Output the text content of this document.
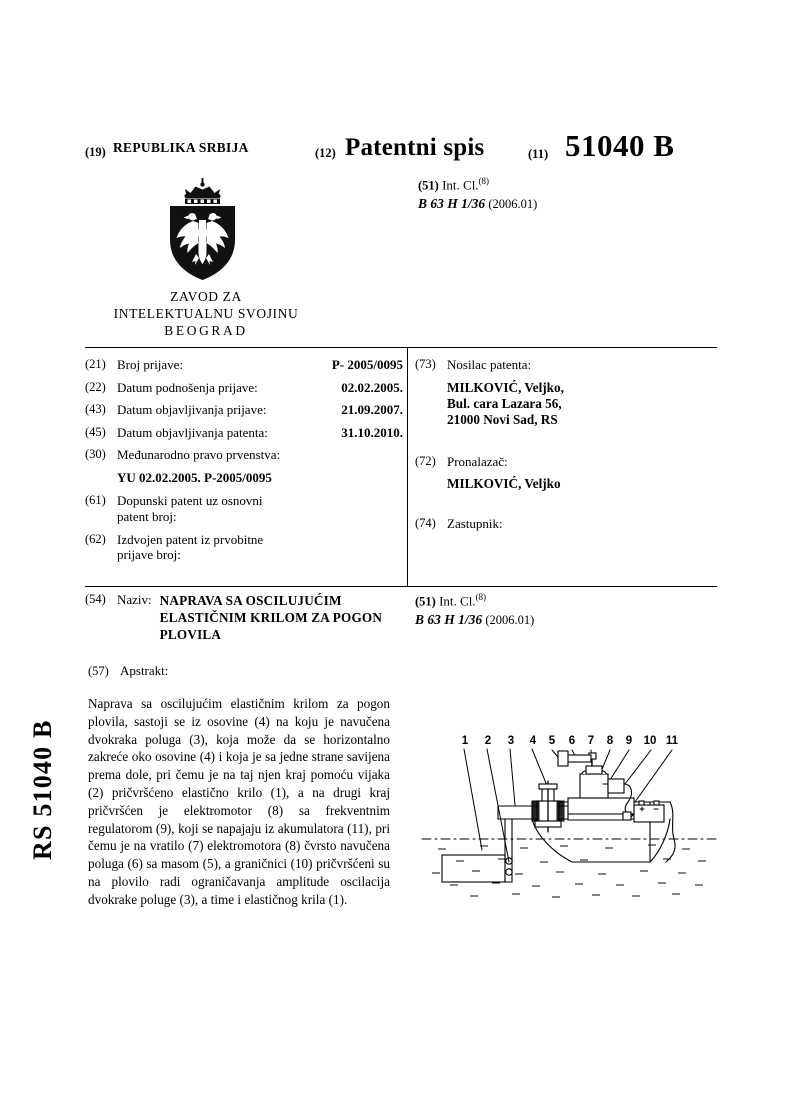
RS 51040 B
(19) REPUBLIKA SRBIJA	(12) Patentni spis	(11) 51040 B
(51) Int. Cl.$^{(8)}$
B 63 H 1/36 (2006.01)
ZAVOD ZA
INTELEKTUALNU SVOJINU
BEOGRAD
(21) Broj prijave:	P- 2005/0095
(22) Datum podnošenja prijave:	02.02.2005.
(43) Datum objavljivanja prijave:	21.09.2007.
(45) Datum objavljivanja patenta:	31.10.2010.
(30) Međunarodno pravo prvenstva:
YU 02.02.2005. P-2005/0095
(61) Dopunski patent uz osnovni
patent broj:
(62) Izdvojen patent iz prvobitne
prijave broj:
(73) Nosilac patenta:
MILKOVIĆ, Veljko,
Bul. cara Lazara 56,
21000 Novi Sad, RS
(72) Pronalazač:
MILKOVIĆ, Veljko
(74) Zastupnik:
(54) Naziv: NAPRAVA SA OSCILUJUĆIM
ELASTIČNIM KRILOM ZA POGON
PLOVILA
(51) Int. Cl.$^{(8)}$
B 63 H 1/36 (2006.01)
(57) Apstrakt:
Naprava sa oscilujućim elastičnim krilom za pogon plovila, sastoji se iz osovine (4) na koju je navučena dvokraka poluga (3), koja može da se horizontalno zakreće oko osovine (4) i koja je sa jedne strane savijena prema dole, pri čemu je na taj njen kraj pomoću vijaka (2) pričvršćeno elastično krilo (1), a na drugi kraj pričvršćen je elektromotor (8) sa frekventnim regulatorom (9), koji se napajaju iz akumulatora (11), pri čemu je na vratilo (7) elektromotora (8) čvrsto navučena poluga (6) sa masom (5), a graničnici (10) pričvršćeni su na plovilo radi ograničavanja amplitude oscilacija dvokrake poluge (3), a time i elastičnog krila (1).
1 2 3 4 5 6 7 8 9 10 11
